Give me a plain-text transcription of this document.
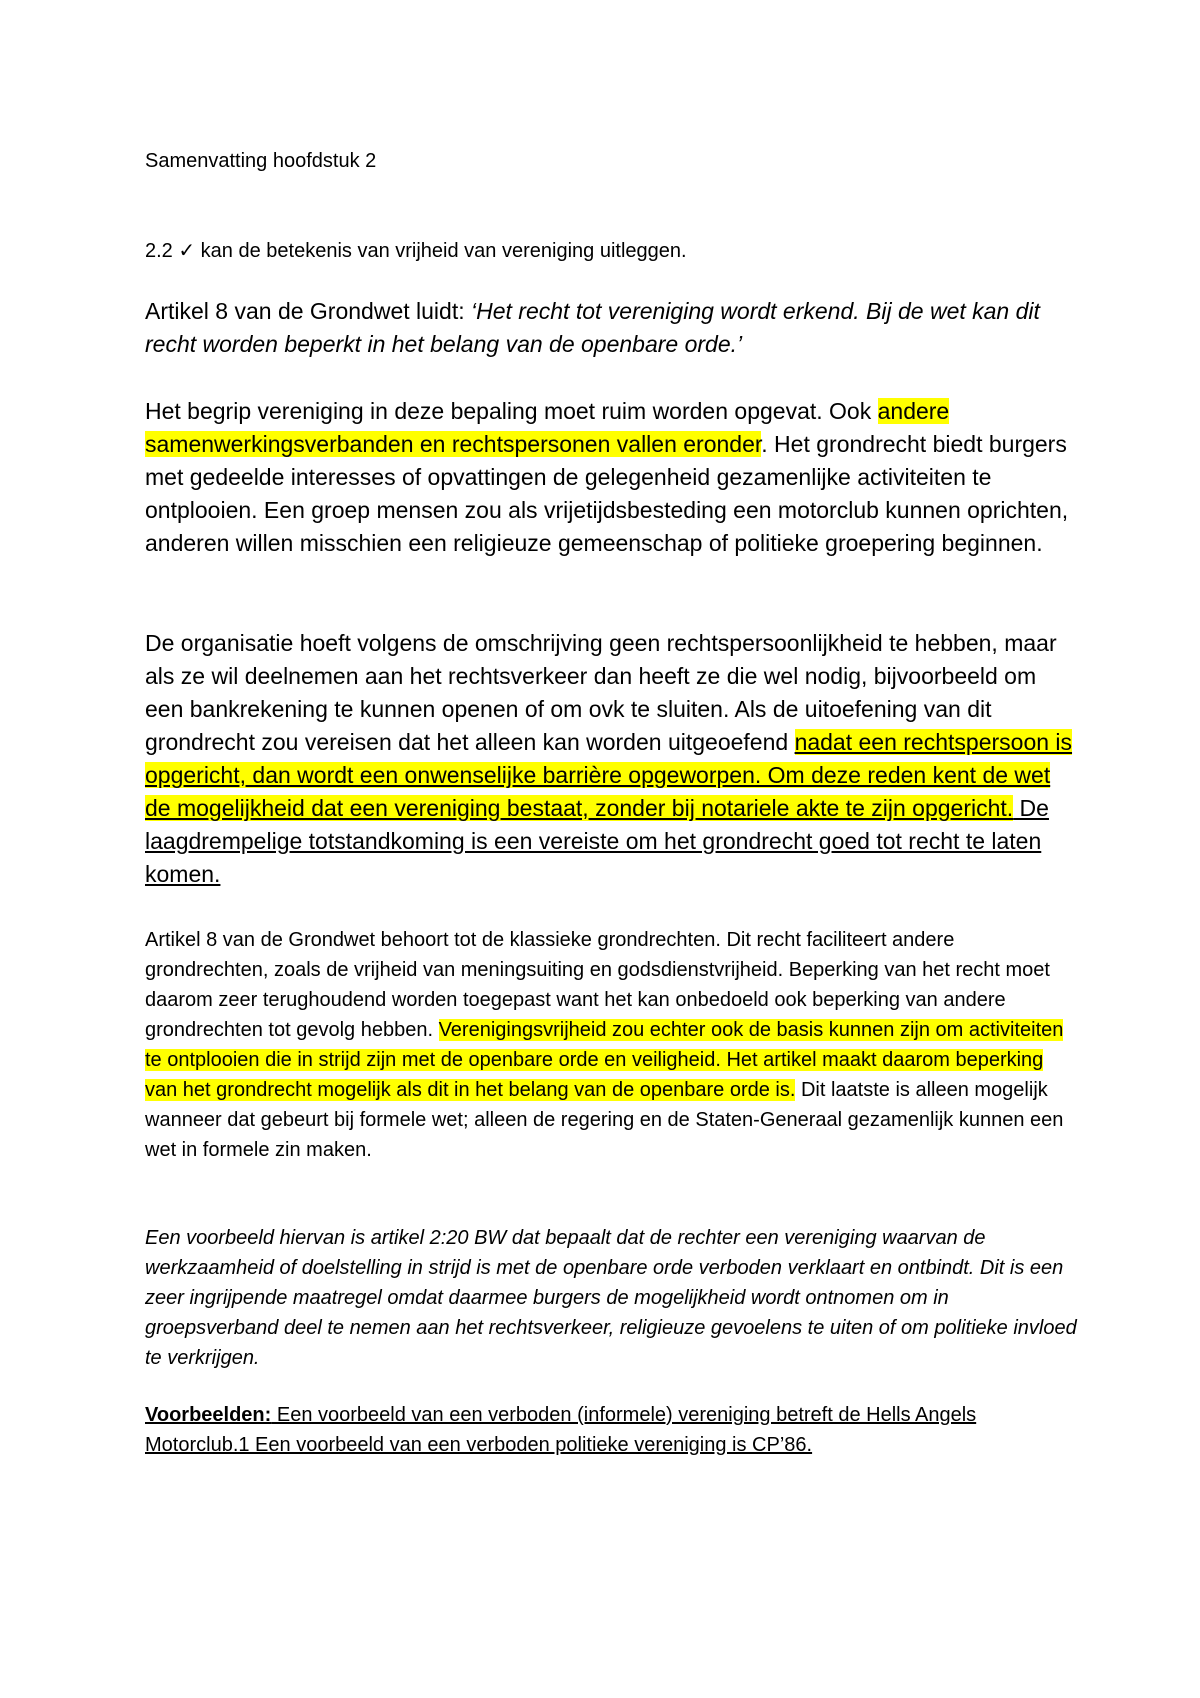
Samenvatting hoofdstuk 2
2.2 ✓ kan de betekenis van vrijheid van vereniging uitleggen.

Artikel 8 van de Grondwet luidt: ‘Het recht tot vereniging wordt erkend. Bij de wet kan dit recht worden beperkt in het belang van de openbare orde.’

Het begrip vereniging in deze bepaling moet ruim worden opgevat. Ook andere samenwerkingsverbanden en rechtspersonen vallen eronder. Het grondrecht biedt burgers met gedeelde interesses of opvattingen de gelegenheid gezamenlijke activiteiten te ontplooien. Een groep mensen zou als vrijetijdsbesteding een motorclub kunnen oprichten, anderen willen misschien een religieuze gemeenschap of politieke groepering beginnen.

De organisatie hoeft volgens de omschrijving geen rechtspersoonlijkheid te hebben, maar als ze wil deelnemen aan het rechtsverkeer dan heeft ze die wel nodig, bijvoorbeeld om een bankrekening te kunnen openen of om ovk te sluiten. Als de uitoefening van dit grondrecht zou vereisen dat het alleen kan worden uitgeoefend nadat een rechtspersoon is opgericht, dan wordt een onwenselijke barrière opgeworpen. Om deze reden kent de wet de mogelijkheid dat een vereniging bestaat, zonder bij notariele akte te zijn opgericht. De laagdrempelige totstandkoming is een vereiste om het grondrecht goed tot recht te laten komen.

Artikel 8 van de Grondwet behoort tot de klassieke grondrechten. Dit recht faciliteert andere grondrechten, zoals de vrijheid van meningsuiting en godsdienstvrijheid. Beperking van het recht moet daarom zeer terughoudend worden toegepast want het kan onbedoeld ook beperking van andere grondrechten tot gevolg hebben. Verenigingsvrijheid zou echter ook de basis kunnen zijn om activiteiten te ontplooien die in strijd zijn met de openbare orde en veiligheid. Het artikel maakt daarom beperking van het grondrecht mogelijk als dit in het belang van de openbare orde is. Dit laatste is alleen mogelijk wanneer dat gebeurt bij formele wet; alleen de regering en de Staten-Generaal gezamenlijk kunnen een wet in formele zin maken.

Een voorbeeld hiervan is artikel 2:20 BW dat bepaalt dat de rechter een vereniging waarvan de werkzaamheid of doelstelling in strijd is met de openbare orde verboden verklaart en ontbindt. Dit is een zeer ingrijpende maatregel omdat daarmee burgers de mogelijkheid wordt ontnomen om in groepsverband deel te nemen aan het rechtsverkeer, religieuze gevoelens te uiten of om politieke invloed te verkrijgen.

Voorbeelden: Een voorbeeld van een verboden (informele) vereniging betreft de Hells Angels Motorclub.1 Een voorbeeld van een verboden politieke vereniging is CP’86.
